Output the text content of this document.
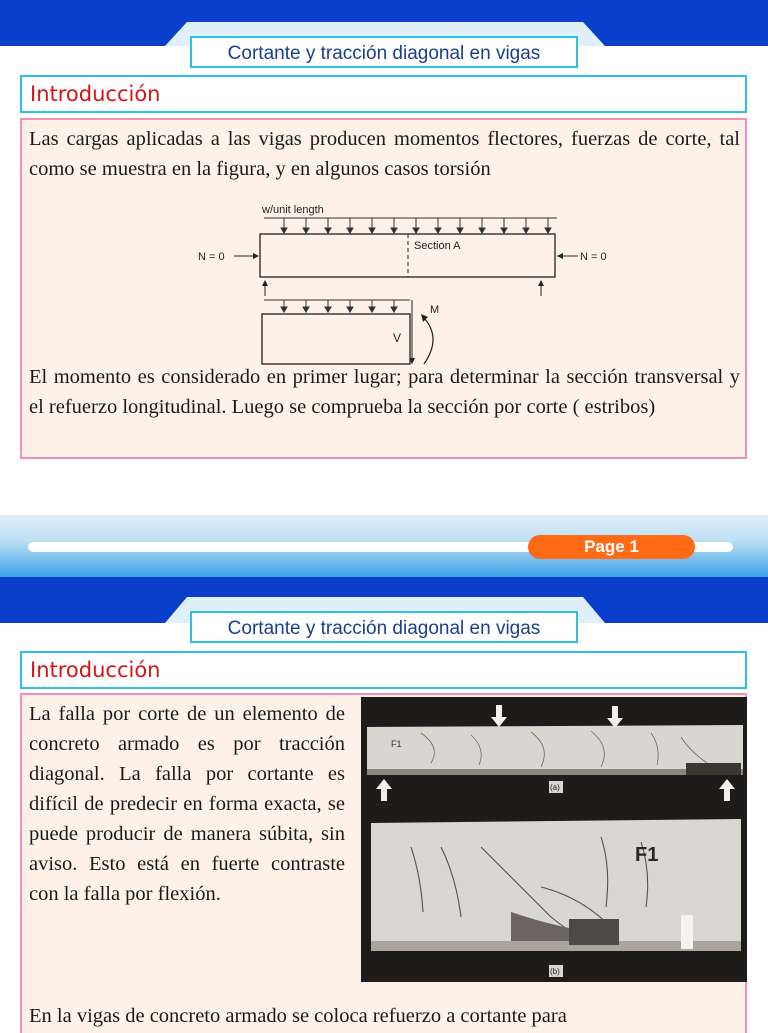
Cortante y tracción diagonal en vigas
Introducción
Las cargas aplicadas a las vigas producen momentos flectores, fuerzas de corte, tal como se muestra en la figura, y en algunos casos torsión
w/unit length
Section A
N = 0	N = 0
V
M
El momento es considerado en primer lugar; para determinar la sección transversal y el refuerzo longitudinal. Luego se comprueba la sección por corte ( estribos)
Page 1
Cortante y tracción diagonal en vigas
Introducción
La falla por corte de un elemento de concreto armado es por tracción diagonal. La falla por cortante es difícil de predecir en forma exacta, se puede producir de manera súbita, sin aviso. Esto está en fuerte contraste con la falla por flexión.
F1
(a)
F1
(b)
En la vigas de concreto armado se coloca refuerzo a cortante para
